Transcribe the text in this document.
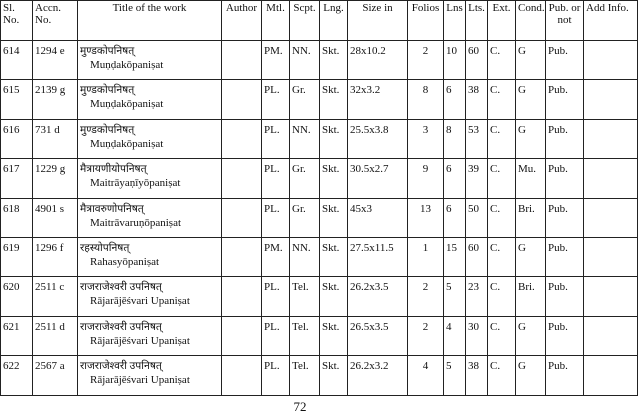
Sl. No.	Accn. No.	Title of the work	Author	Mtl.	Scpt.	Lng.	Size in	Folios	Lns	Lts.	Ext.	Cond.	Pub. or not	Add Info.
614	1294 e	मुण्डकोपनिषत्
Muṇḍakōpaniṣat		PM.	NN.	Skt.	28x10.2	2	10	60	C.	G	Pub.	
615	2139 g	मुण्डकोपनिषत्
Muṇḍakōpaniṣat		PL.	Gr.	Skt.	32x3.2	8	6	38	C.	G	Pub.	
616	731 d	मुण्डकोपनिषत्
Muṇḍakōpaniṣat		PL.	NN.	Skt.	25.5x3.8	3	8	53	C.	G	Pub.	
617	1229 g	मैत्रायणीयोपनिषत्
Maitrāyaṇīyōpaniṣat		PL.	Gr.	Skt.	30.5x2.7	9	6	39	C.	Mu.	Pub.	
618	4901 s	मैत्रावरुणोपनिषत्
Maitrāvaruṇōpaniṣat		PL.	Gr.	Skt.	45x3	13	6	50	C.	Bri.	Pub.	
619	1296 f	रहस्योपनिषत्
Rahasyōpaniṣat		PM.	NN.	Skt.	27.5x11.5	1	15	60	C.	G	Pub.	
620	2511 c	राजराजेश्वरी उपनिषत्
Rājarājēśvari Upaniṣat		PL.	Tel.	Skt.	26.2x3.5	2	5	23	C.	Bri.	Pub.	
621	2511 d	राजराजेश्वरी उपनिषत्
Rājarājēśvari Upaniṣat		PL.	Tel.	Skt.	26.5x3.5	2	4	30	C.	G	Pub.	
622	2567 a	राजराजेश्वरी उपनिषत्
Rājarājēśvari Upaniṣat		PL.	Tel.	Skt.	26.2x3.2	4	5	38	C.	G	Pub.	
72
